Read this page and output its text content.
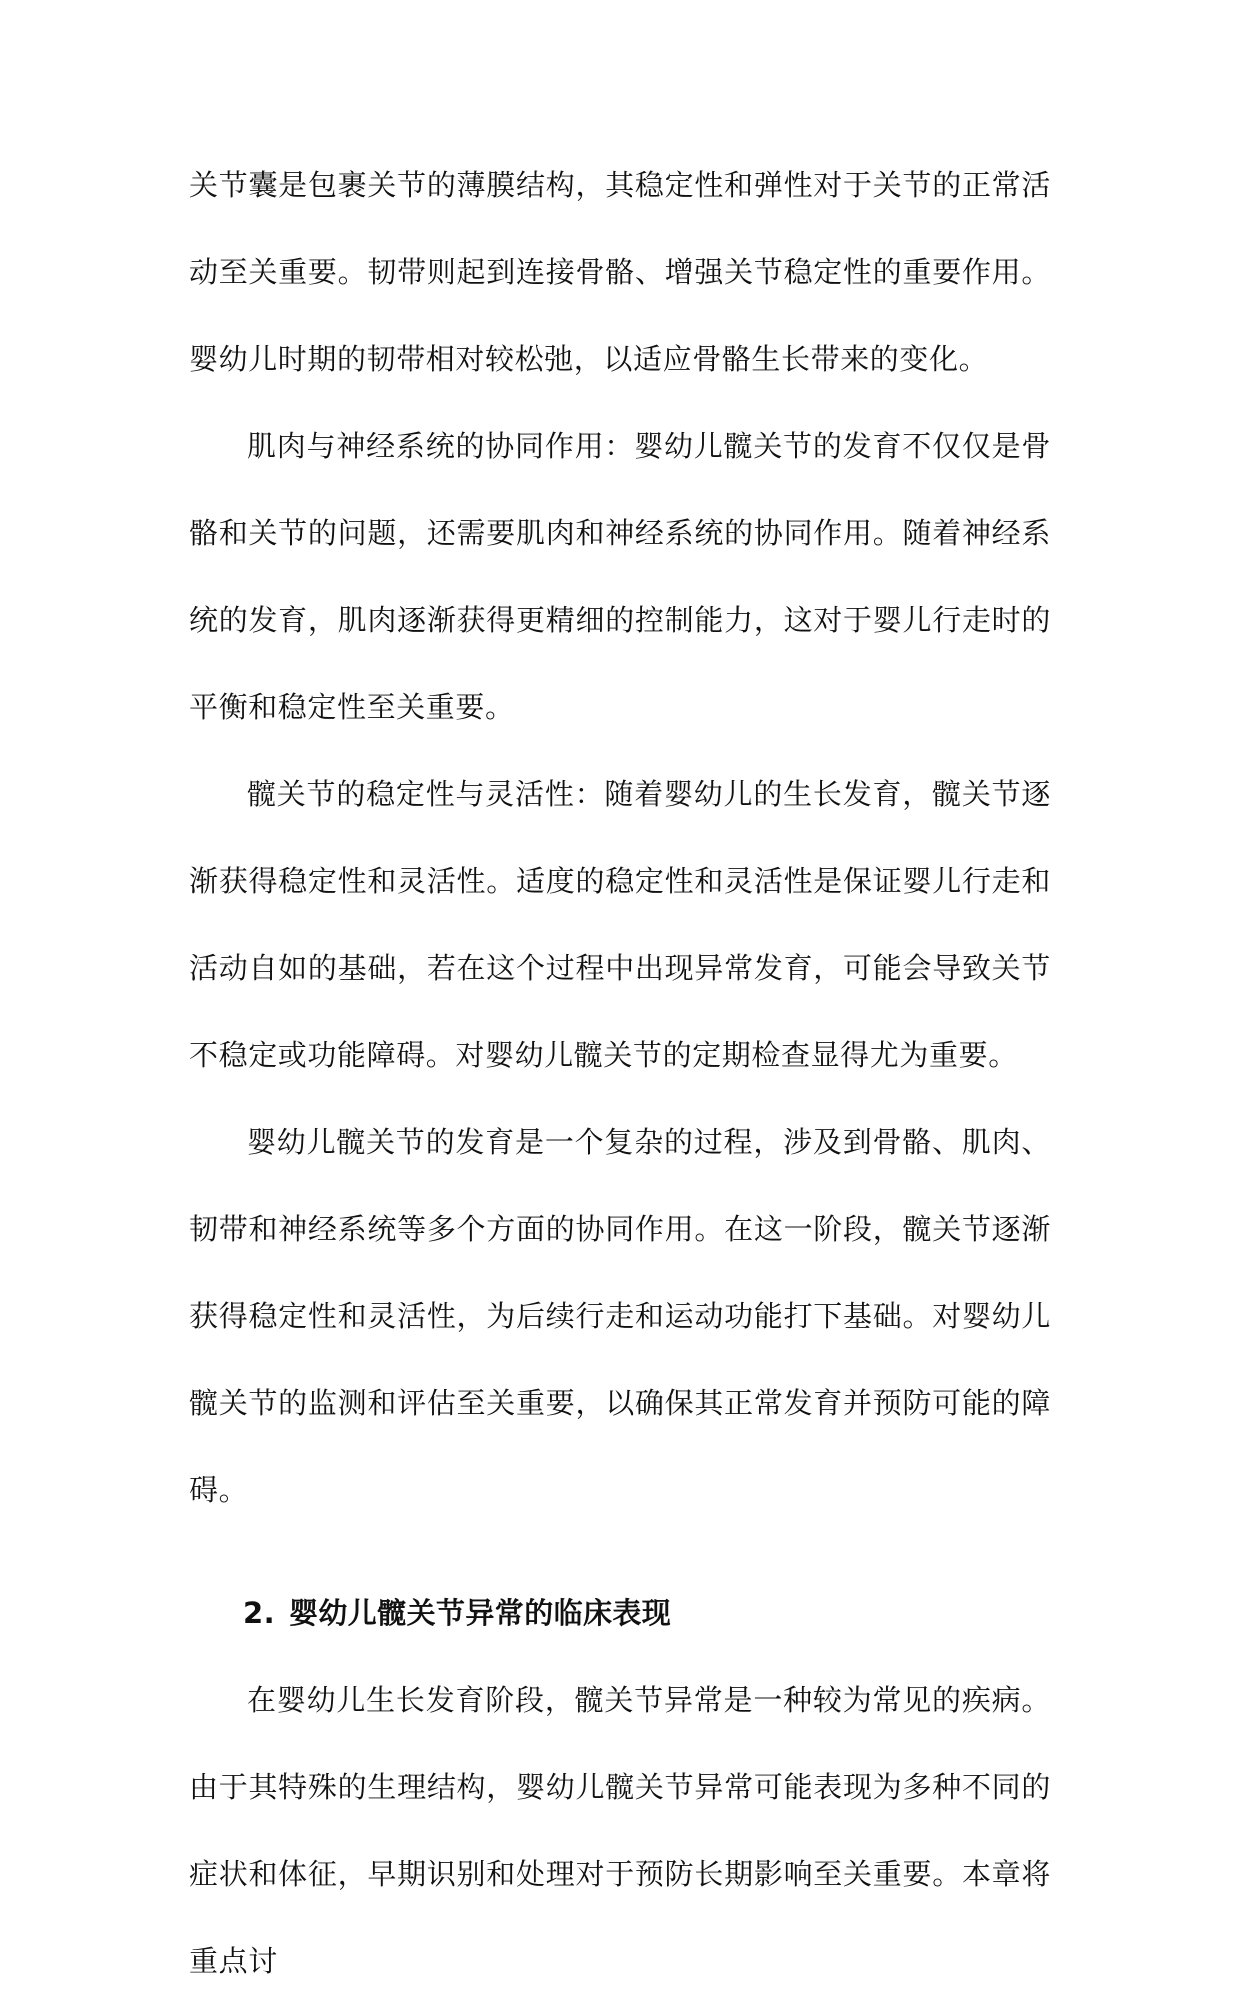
关节囊是包裹关节的薄膜结构，其稳定性和弹性对于关节的正常活动至关重要。韧带则起到连接骨骼、增强关节稳定性的重要作用。婴幼儿时期的韧带相对较松弛，以适应骨骼生长带来的变化。

肌肉与神经系统的协同作用：婴幼儿髋关节的发育不仅仅是骨骼和关节的问题，还需要肌肉和神经系统的协同作用。随着神经系统的发育，肌肉逐渐获得更精细的控制能力，这对于婴儿行走时的平衡和稳定性至关重要。

髋关节的稳定性与灵活性：随着婴幼儿的生长发育，髋关节逐渐获得稳定性和灵活性。适度的稳定性和灵活性是保证婴儿行走和活动自如的基础，若在这个过程中出现异常发育，可能会导致关节不稳定或功能障碍。对婴幼儿髋关节的定期检查显得尤为重要。

婴幼儿髋关节的发育是一个复杂的过程，涉及到骨骼、肌肉、韧带和神经系统等多个方面的协同作用。在这一阶段，髋关节逐渐获得稳定性和灵活性，为后续行走和运动功能打下基础。对婴幼儿髋关节的监测和评估至关重要，以确保其正常发育并预防可能的障碍。

2. 婴幼儿髋关节异常的临床表现

在婴幼儿生长发育阶段，髋关节异常是一种较为常见的疾病。由于其特殊的生理结构，婴幼儿髋关节异常可能表现为多种不同的症状和体征，早期识别和处理对于预防长期影响至关重要。本章将重点讨
